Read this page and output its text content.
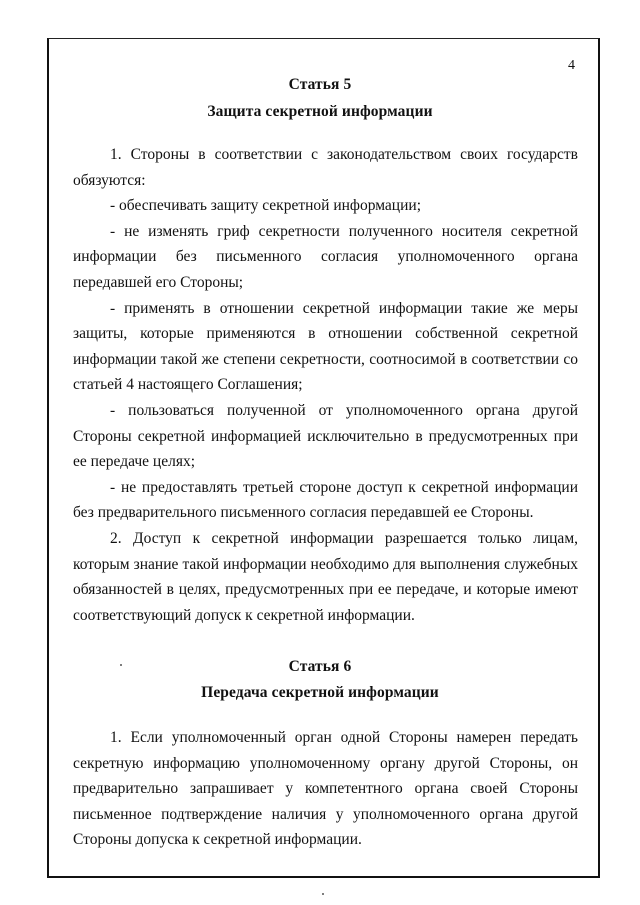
4
Статья 5
Защита секретной информации

1. Стороны в соответствии с законодательством своих государств обязуются:

- обеспечивать защиту секретной информации;

- не изменять гриф секретности полученного носителя секретной информации без письменного согласия уполномоченного органа передавшей его Стороны;

- применять в отношении секретной информации такие же меры защиты, которые применяются в отношении собственной секретной информации такой же степени секретности, соотносимой в соответствии со статьей 4 настоящего Соглашения;

- пользоваться полученной от уполномоченного органа другой Стороны секретной информацией исключительно в предусмотренных при ее передаче целях;

- не предоставлять третьей стороне доступ к секретной информации без предварительного письменного согласия передавшей ее Стороны.

2. Доступ к секретной информации разрешается только лицам, которым знание такой информации необходимо для выполнения служебных обязанностей в целях, предусмотренных при ее передаче, и которые имеют соответствующий допуск к секретной информации.

Статья 6
Передача секретной информации

1. Если уполномоченный орган одной Стороны намерен передать секретную информацию уполномоченному органу другой Стороны, он предварительно запрашивает у компетентного органа своей Стороны письменное подтверждение наличия у уполномоченного органа другой Стороны допуска к секретной информации.
